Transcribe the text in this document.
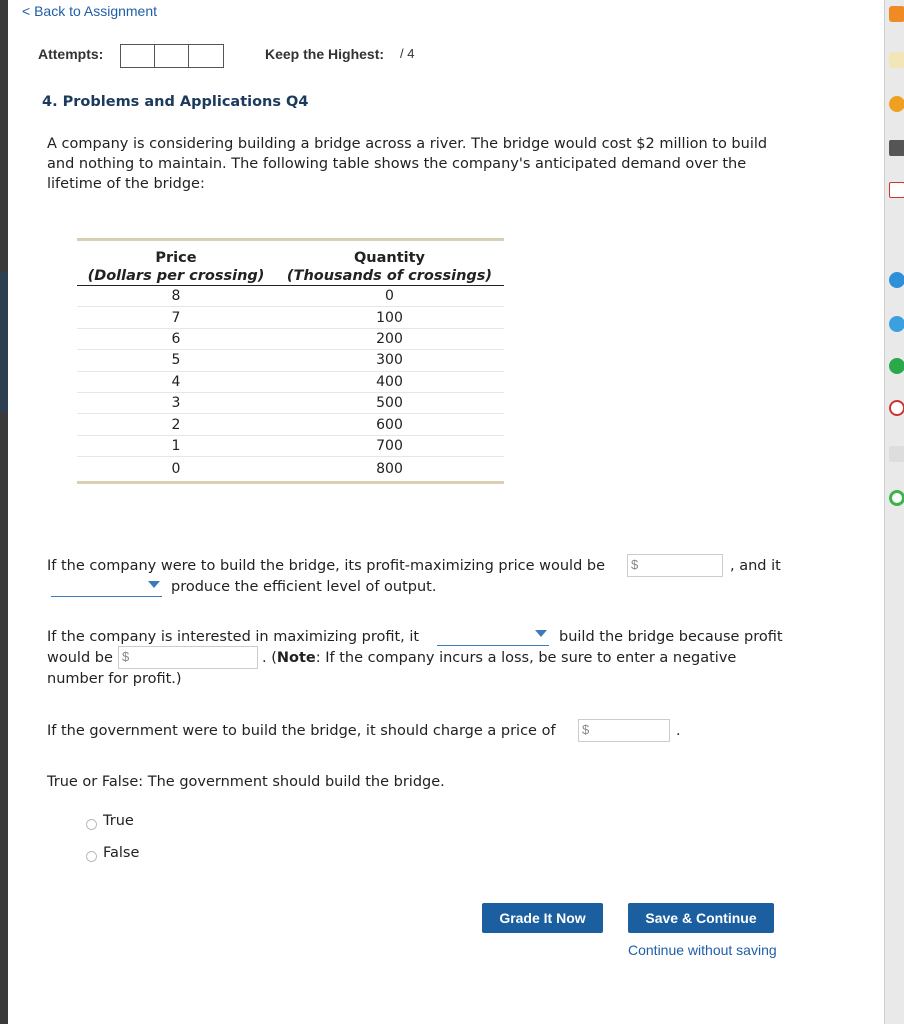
< Back to Assignment
Attempts:	Keep the Highest: / 4
4. Problems and Applications Q4
A company is considering building a bridge across a river. The bridge would cost $2 million to build
and nothing to maintain. The following table shows the company's anticipated demand over the
lifetime of the bridge:
Price
(Dollars per crossing)
Quantity
(Thousands of crossings)
8	0
7	100
6	200
5	300
4	400
3	500
2	600
1	700
0	800
If the company were to build the bridge, its profit-maximizing price would be $	, and it
produce the efficient level of output.
If the company is interested in maximizing profit, it	build the bridge because profit
would be $	. (Note: If the company incurs a loss, be sure to enter a negative
number for profit.)
If the government were to build the bridge, it should charge a price of $	.
True or False: The government should build the bridge.
True
False
Grade It Now	Save & Continue
Continue without saving
